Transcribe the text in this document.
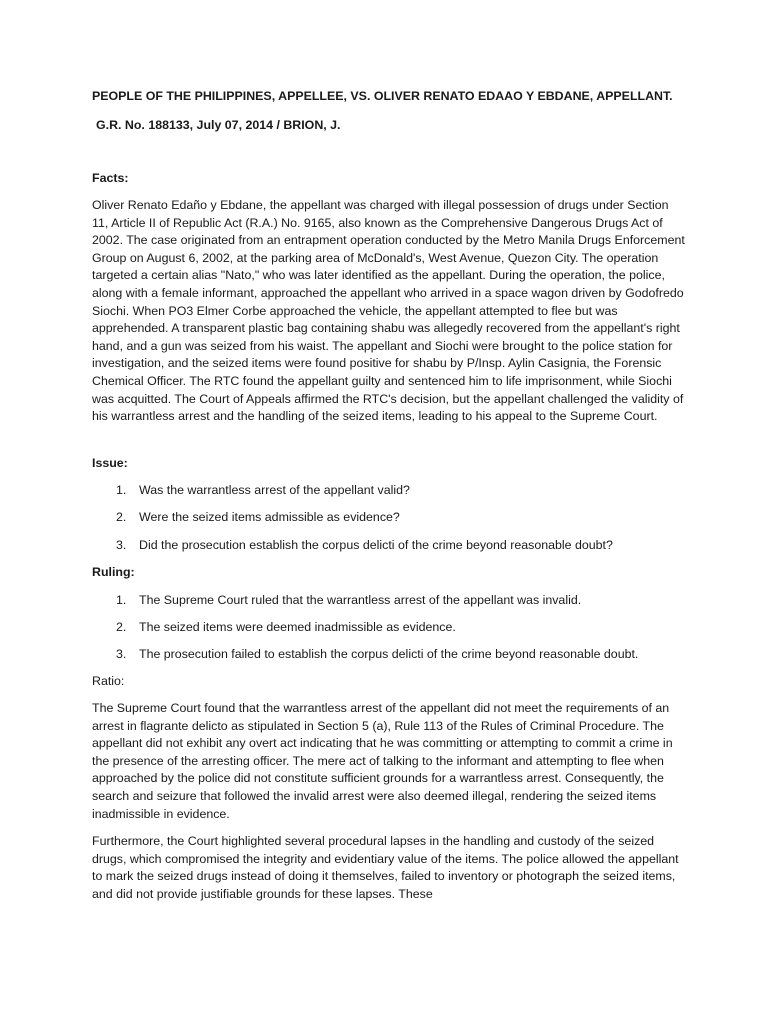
PEOPLE OF THE PHILIPPINES, APPELLEE, VS. OLIVER RENATO EDAAO Y EBDANE, APPELLANT.

G.R. No. 188133, July 07, 2014 / BRION, J.

Facts:

Oliver Renato Edaño y Ebdane, the appellant was charged with illegal possession of drugs under Section 11, Article II of Republic Act (R.A.) No. 9165, also known as the Comprehensive Dangerous Drugs Act of 2002. The case originated from an entrapment operation conducted by the Metro Manila Drugs Enforcement Group on August 6, 2002, at the parking area of McDonald's, West Avenue, Quezon City. The operation targeted a certain alias "Nato," who was later identified as the appellant. During the operation, the police, along with a female informant, approached the appellant who arrived in a space wagon driven by Godofredo Siochi. When PO3 Elmer Corbe approached the vehicle, the appellant attempted to flee but was apprehended. A transparent plastic bag containing shabu was allegedly recovered from the appellant's right hand, and a gun was seized from his waist. The appellant and Siochi were brought to the police station for investigation, and the seized items were found positive for shabu by P/Insp. Aylin Casignia, the Forensic Chemical Officer. The RTC found the appellant guilty and sentenced him to life imprisonment, while Siochi was acquitted. The Court of Appeals affirmed the RTC's decision, but the appellant challenged the validity of his warrantless arrest and the handling of the seized items, leading to his appeal to the Supreme Court.

Issue:

1. Was the warrantless arrest of the appellant valid?
2. Were the seized items admissible as evidence?
3. Did the prosecution establish the corpus delicti of the crime beyond reasonable doubt?

Ruling:

1. The Supreme Court ruled that the warrantless arrest of the appellant was invalid.
2. The seized items were deemed inadmissible as evidence.
3. The prosecution failed to establish the corpus delicti of the crime beyond reasonable doubt.

Ratio:

The Supreme Court found that the warrantless arrest of the appellant did not meet the requirements of an arrest in flagrante delicto as stipulated in Section 5 (a), Rule 113 of the Rules of Criminal Procedure. The appellant did not exhibit any overt act indicating that he was committing or attempting to commit a crime in the presence of the arresting officer. The mere act of talking to the informant and attempting to flee when approached by the police did not constitute sufficient grounds for a warrantless arrest. Consequently, the search and seizure that followed the invalid arrest were also deemed illegal, rendering the seized items inadmissible in evidence.

Furthermore, the Court highlighted several procedural lapses in the handling and custody of the seized drugs, which compromised the integrity and evidentiary value of the items. The police allowed the appellant to mark the seized drugs instead of doing it themselves, failed to inventory or photograph the seized items, and did not provide justifiable grounds for these lapses. These
